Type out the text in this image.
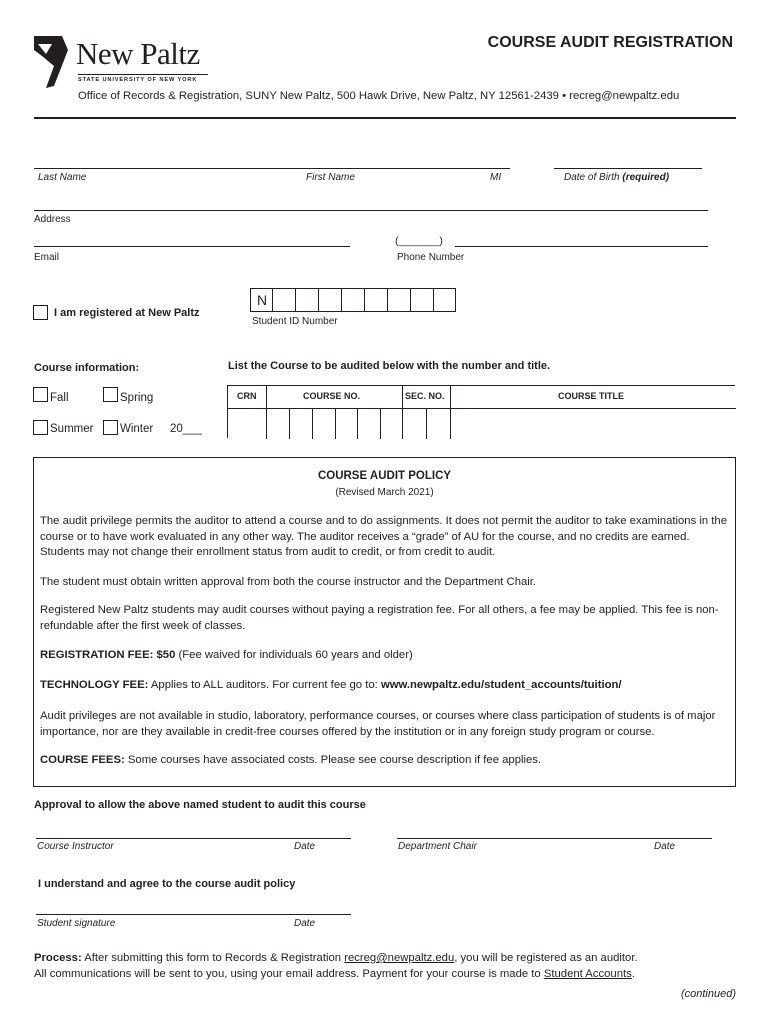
New Paltz
STATE UNIVERSITY OF NEW YORK
COURSE AUDIT REGISTRATION
Office of Records & Registration, SUNY New Paltz, 500 Hawk Drive, New Paltz, NY 12561-2439 • recreg@newpaltz.edu
Last Name	First Name	MI	Date of Birth (required)
Address
Email
(_______)
Phone Number
I am registered at New Paltz
N
Student ID Number
Course information:	List the Course to be audited below with the number and title.
Fall	Spring
Summer Winter 20___
CRN	COURSE NO.	SEC. NO.	COURSE TITLE
COURSE AUDIT POLICY
(Revised March 2021)
The audit privilege permits the auditor to attend a course and to do assignments. It does not permit the auditor to take examinations in the course or to have work evaluated in any other way. The auditor receives a “grade” of AU for the course, and no credits are earned. Students may not change their enrollment status from audit to credit, or from credit to audit.
The student must obtain written approval from both the course instructor and the Department Chair.
Registered New Paltz students may audit courses without paying a registration fee. For all others, a fee may be applied. This fee is non-refundable after the first week of classes.
REGISTRATION FEE: $50 (Fee waived for individuals 60 years and older)
TECHNOLOGY FEE: Applies to ALL auditors. For current fee go to: www.newpaltz.edu/student_accounts/tuition/
Audit privileges are not available in studio, laboratory, performance courses, or courses where class participation of students is of major importance, nor are they available in credit-free courses offered by the institution or in any foreign study program or course.
COURSE FEES: Some courses have associated costs. Please see course description if fee applies.
Approval to allow the above named student to audit this course
Course Instructor	Date	Department Chair	Date
I understand and agree to the course audit policy
Student signature	Date
Process: After submitting this form to Records & Registration recreg@newpaltz.edu, you will be registered as an auditor.
All communications will be sent to you, using your email address. Payment for your course is made to Student Accounts.
(continued)
